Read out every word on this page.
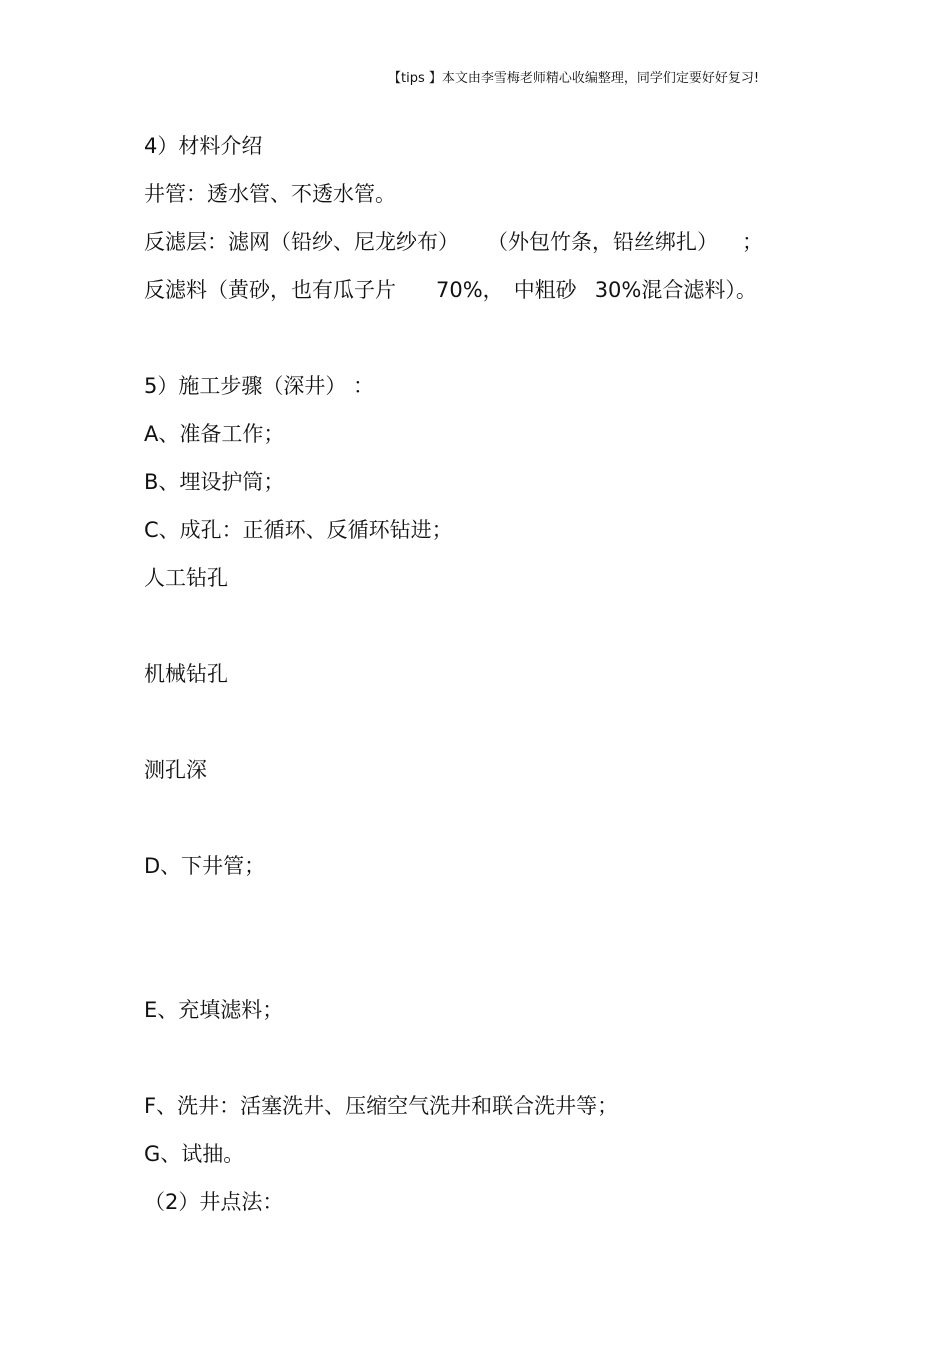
【tips 】本文由李雪梅老师精心收编整理，同学们定要好好复习!
4）材料介绍
井管：透水管、不透水管。
反滤层：滤网（铅纱、尼龙纱布） （外包竹条，铅丝绑扎） ；
反滤料（黄砂，也有瓜子片 70%， 中粗砂 30%混合滤料）。
5）施工步骤（深井） ：
A、准备工作；
B、埋设护筒；
C、成孔：正循环、反循环钻进；
人工钻孔
机械钻孔
测孔深
D、下井管；
E、充填滤料；
F、洗井：活塞洗井、压缩空气洗井和联合洗井等；
G、试抽。
（2）井点法：
